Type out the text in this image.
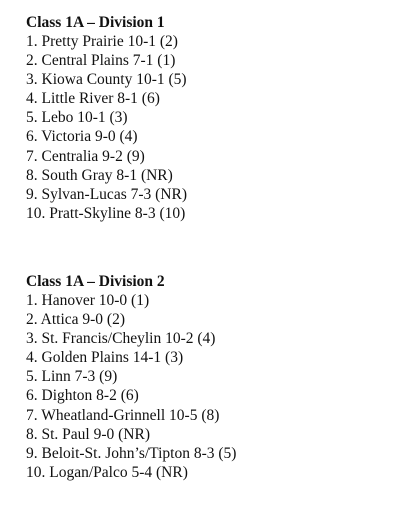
Class 1A – Division 1
1. Pretty Prairie 10-1 (2)
2. Central Plains 7-1 (1)
3. Kiowa County 10-1 (5)
4. Little River 8-1 (6)
5. Lebo 10-1 (3)
6. Victoria 9-0 (4)
7. Centralia 9-2 (9)
8. South Gray 8-1 (NR)
9. Sylvan-Lucas 7-3 (NR)
10. Pratt-Skyline 8-3 (10)
Class 1A – Division 2
1. Hanover 10-0 (1)
2. Attica 9-0 (2)
3. St. Francis/Cheylin 10-2 (4)
4. Golden Plains 14-1 (3)
5. Linn 7-3 (9)
6. Dighton 8-2 (6)
7. Wheatland-Grinnell 10-5 (8)
8. St. Paul 9-0 (NR)
9. Beloit-St. John’s/Tipton 8-3 (5)
10. Logan/Palco 5-4 (NR)
